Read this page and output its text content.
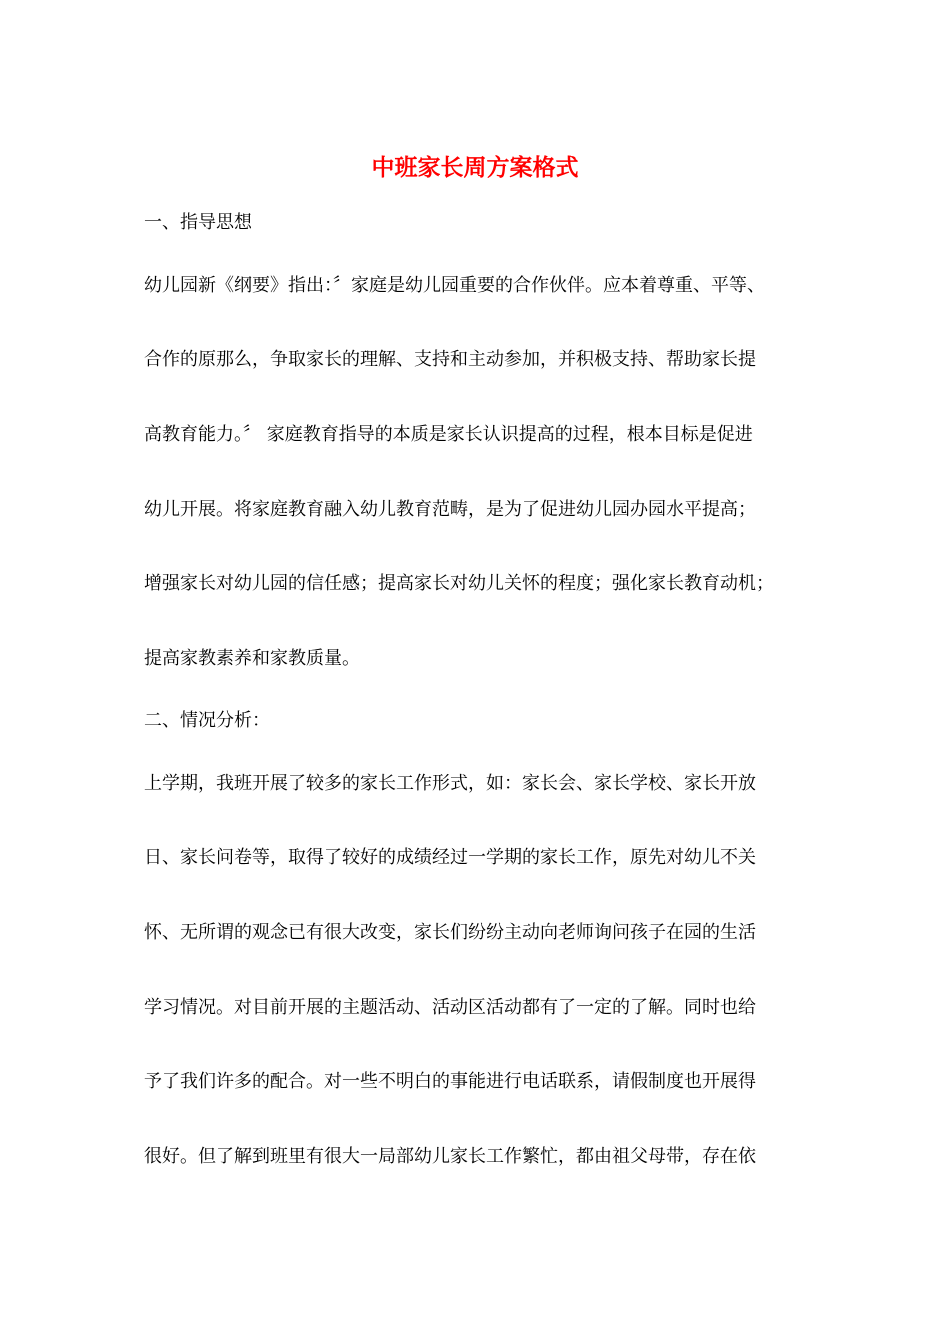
中班家长周方案格式

一、指导思想

幼儿园新《纲要》指出：〞家庭是幼儿园重要的合作伙伴。应本着尊重、平等、

合作的原那么，争取家长的理解、支持和主动参加，并积极支持、帮助家长提

高教育能力。〞 家庭教育指导的本质是家长认识提高的过程，根本目标是促进

幼儿开展。将家庭教育融入幼儿教育范畴，是为了促进幼儿园办园水平提高；

增强家长对幼儿园的信任感；提高家长对幼儿关怀的程度；强化家长教育动机；

提高家教素养和家教质量。

二、情况分析：

上学期，我班开展了较多的家长工作形式，如：家长会、家长学校、家长开放

日、家长问卷等，取得了较好的成绩经过一学期的家长工作，原先对幼儿不关

怀、无所谓的观念已有很大改变，家长们纷纷主动向老师询问孩子在园的生活

学习情况。对目前开展的主题活动、活动区活动都有了一定的了解。同时也给

予了我们许多的配合。对一些不明白的事能进行电话联系，请假制度也开展得

很好。但了解到班里有很大一局部幼儿家长工作繁忙，都由祖父母带，存在依
